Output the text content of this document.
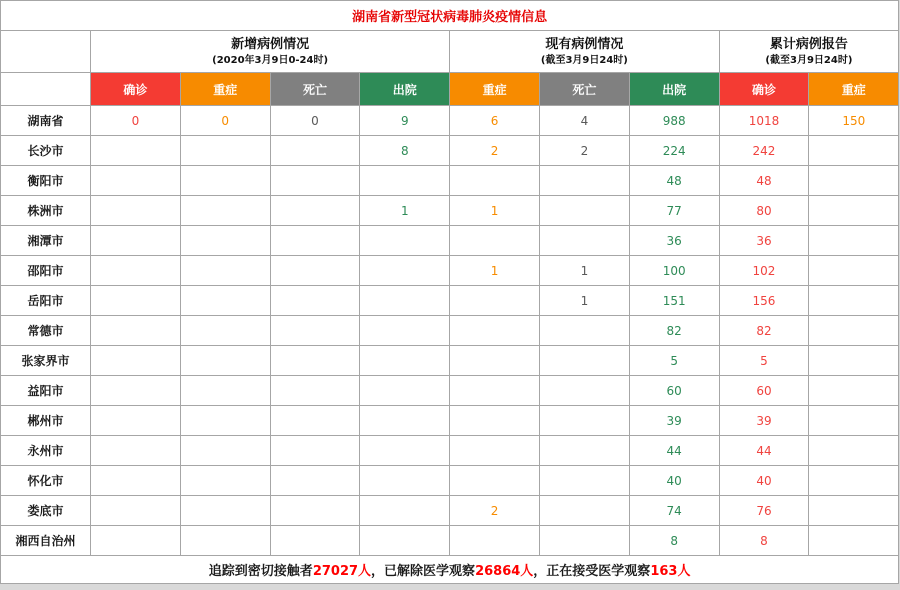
湖南省新型冠状病毒肺炎疫情信息									

新增病例情况
(2020年3月9日0-24时)

现有病例情况
(截至3月9日24时)

累计病例报告
(截至3月9日24时)

	确诊	重症	死亡	出院	重症	死亡	出院	确诊	重症
湖南省	0	0	0	9	6	4	988	1018	150
长沙市				8	2	2	224	242	
衡阳市							48	48	
株洲市				1	1		77	80	
湘潭市							36	36	
邵阳市					1	1	100	102	
岳阳市						1	151	156	
常德市							82	82	
张家界市							5	5	
益阳市							60	60	
郴州市							39	39	
永州市							44	44	
怀化市							40	40	
娄底市					2		74	76	
湘西自治州							8	8	
追踪到密切接触者27027人，已解除医学观察26864人，正在接受医学观察163人									
